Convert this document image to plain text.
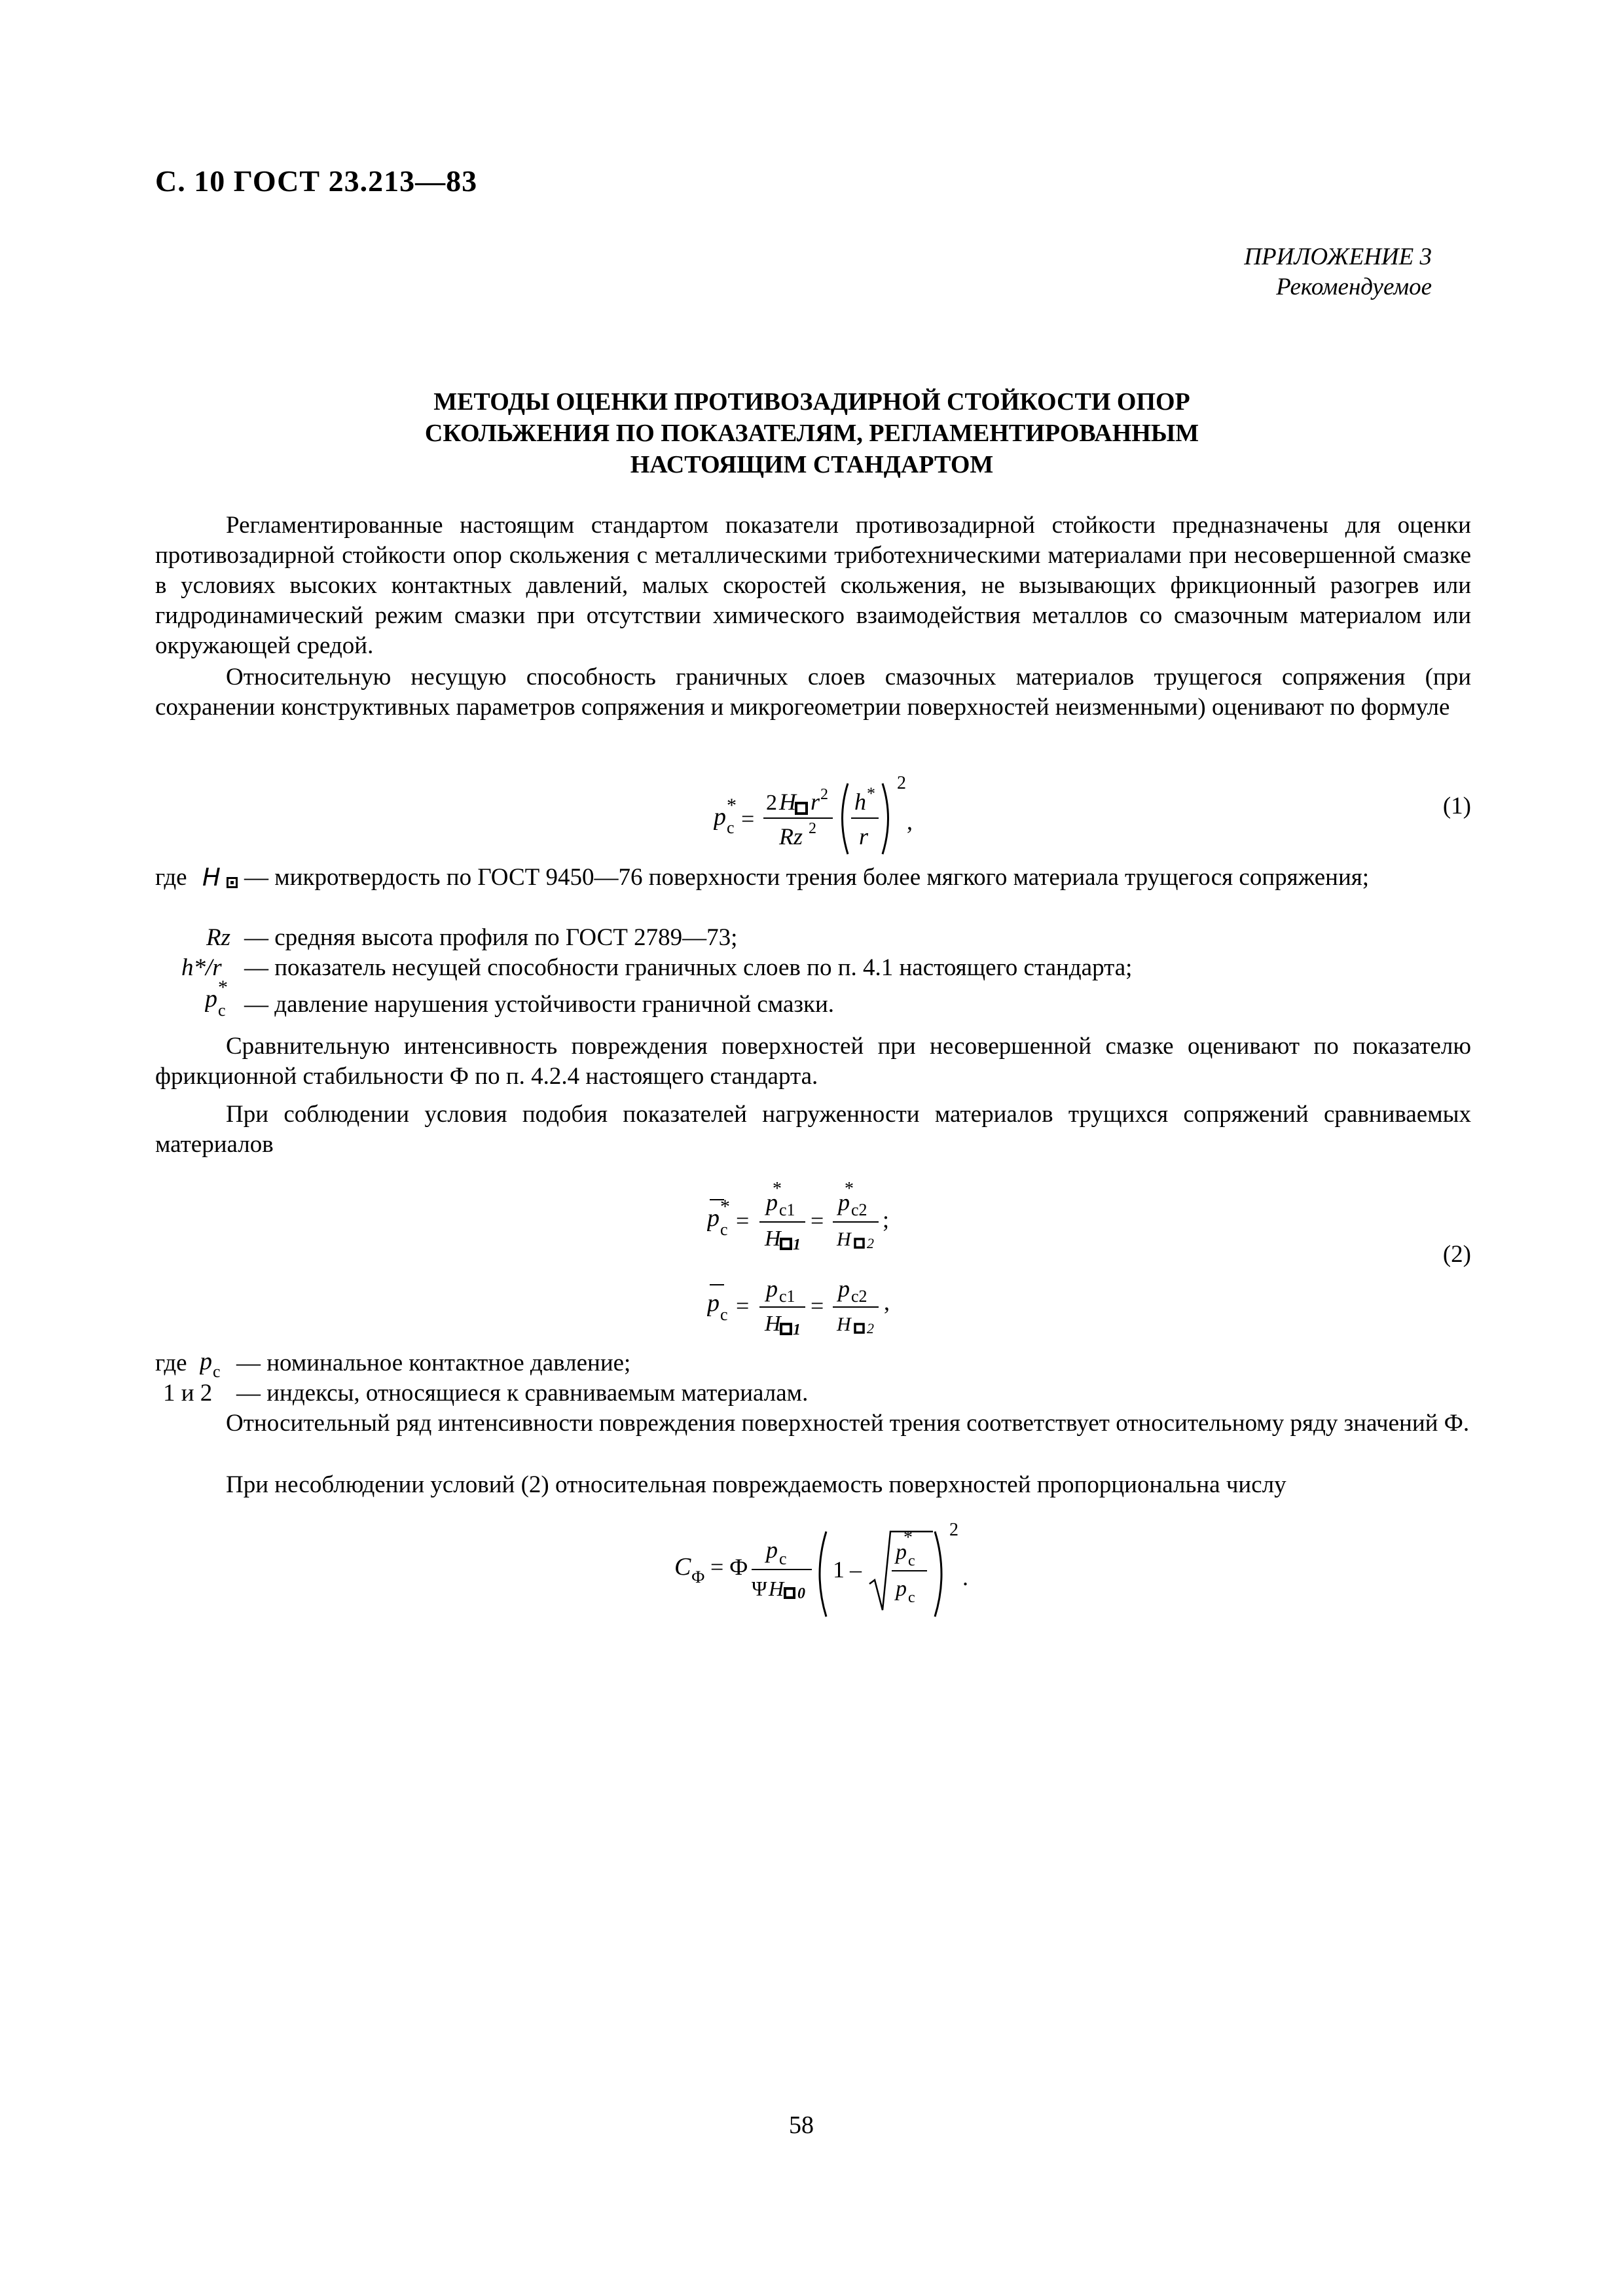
С. 10 ГОСТ 23.213—83
ПРИЛОЖЕНИЕ 3
Рекомендуемое
МЕТОДЫ ОЦЕНКИ ПРОТИВОЗАДИРНОЙ СТОЙКОСТИ ОПОР
СКОЛЬЖЕНИЯ ПО ПОКАЗАТЕЛЯМ, РЕГЛАМЕНТИРОВАННЫМ
НАСТОЯЩИМ СТАНДАРТОМ
Регламентированные настоящим стандартом показатели противозадирной стойкости предназначены для оценки противозадирной стойкости опор скольжения с металлическими триботехническими материалами при несовершенной смазке в условиях высоких контактных давлений, малых скоростей скольжения, не вызывающих фрикционный разогрев или гидродинамический режим смазки при отсутствии химического взаимодействия металлов со смазочным материалом или окружающей средой.
Относительную несущую способность граничных слоев смазочных материалов трущегося сопряжения (при сохранении конструктивных параметров сопряжения и микрогеометрии поверхностей неизменными) оценивают по формуле
p с
*
=
2 H r 2
Rz 2
h *
r
2
,
(1)
где H — микротвердость по ГОСТ 9450—76 поверхности трения более мягкого материала трущегося сопряжения;
Rz — средняя высота профиля по ГОСТ 2789—73;
h*/r — показатель несущей способности граничных слоев по п. 4.1 настоящего стандарта;
p с
*
— давление нарушения устойчивости граничной смазки.
Сравнительную интенсивность повреждения поверхностей при несовершенной смазке оценивают по показателю фрикционной стабильности Ф по п. 4.2.4 настоящего стандарта.
При соблюдении условия подобия показателей нагруженности материалов трущихся сопряжений сравниваемых материалов
p с
*
=
*
p с1
H 1
=
*
p с2
H 2
;
p с =
p с1
H 1
=
p с2
H 2
,
(2)
где p с — номинальное контактное давление;
1 и 2 — индексы, относящиеся к сравниваемым материалам.
Относительный ряд интенсивности повреждения поверхностей трения соответствует относительному ряду значений Ф.
При несоблюдении условий (2) относительная повреждаемость поверхностей пропорциональна числу
C Ф = Ф
p с
Ψ H 0
1 –
*
p с
p с
2
.
58
